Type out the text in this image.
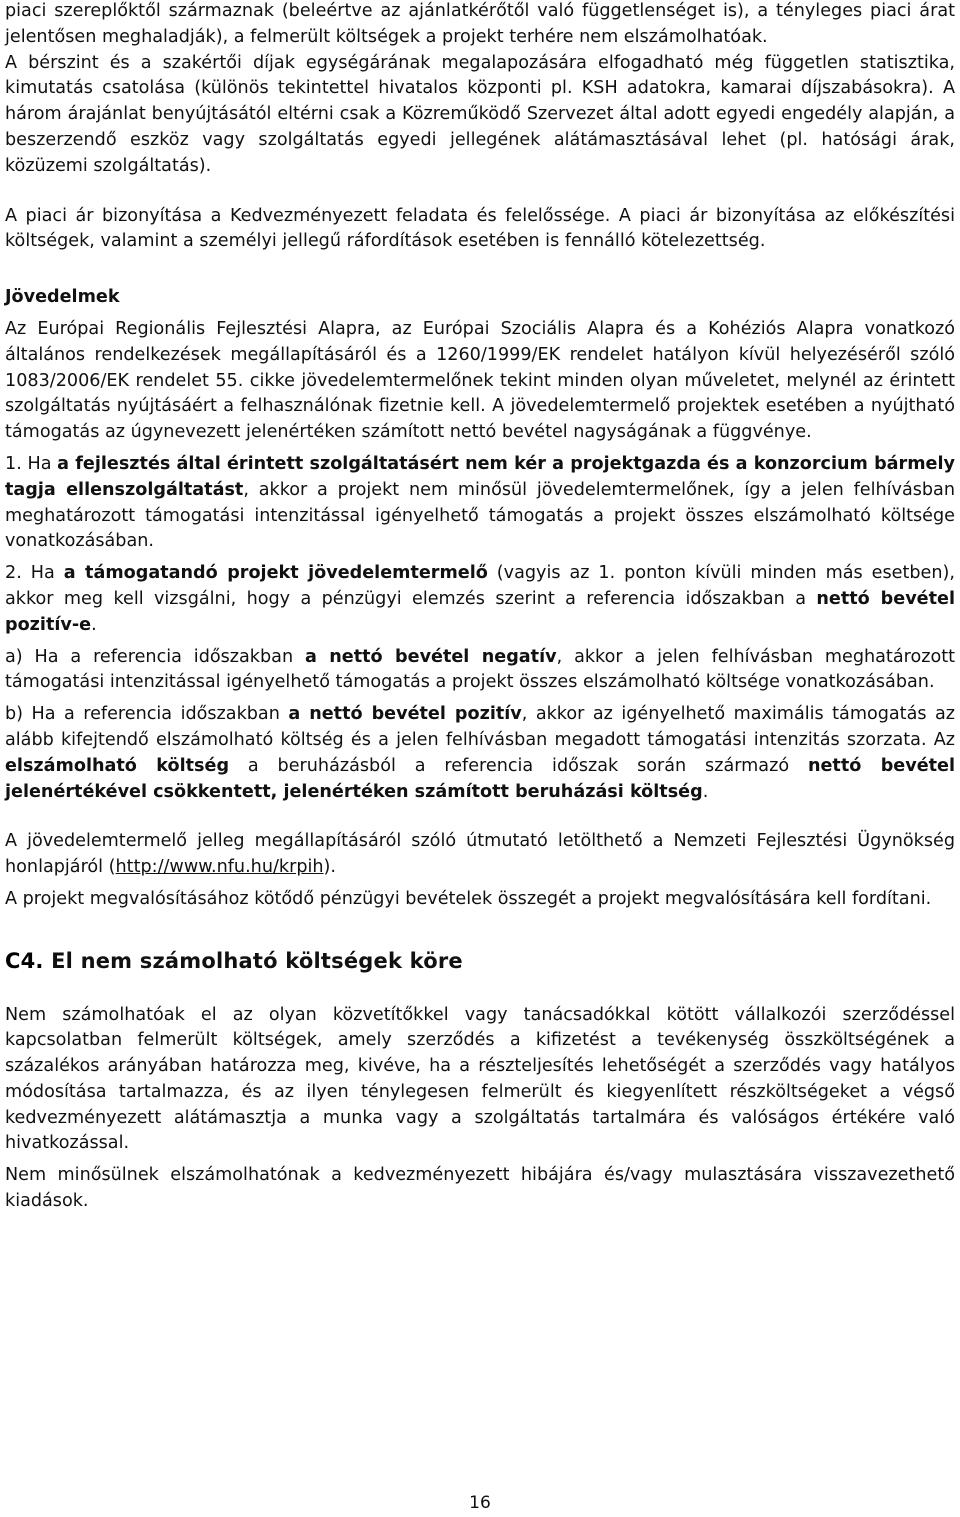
piaci szereplőktől származnak (beleértve az ajánlatkérőtől való függetlenséget is), a tényleges piaci árat jelentősen meghaladják), a felmerült költségek a projekt terhére nem elszámolhatóak.

A bérszint és a szakértői díjak egységárának megalapozására elfogadható még független statisztika, kimutatás csatolása (különös tekintettel hivatalos központi pl. KSH adatokra, kamarai díjszabásokra). A három árajánlat benyújtásától eltérni csak a Közreműködő Szervezet által adott egyedi engedély alapján, a beszerzendő eszköz vagy szolgáltatás egyedi jellegének alátámasztásával lehet (pl. hatósági árak, közüzemi szolgáltatás).

A piaci ár bizonyítása a Kedvezményezett feladata és felelőssége. A piaci ár bizonyítása az előkészítési költségek, valamint a személyi jellegű ráfordítások esetében is fennálló kötelezettség.

Jövedelmek

Az Európai Regionális Fejlesztési Alapra, az Európai Szociális Alapra és a Kohéziós Alapra vonatkozó általános rendelkezések megállapításáról és a 1260/1999/EK rendelet hatályon kívül helyezéséről szóló 1083/2006/EK rendelet 55. cikke jövedelemtermelőnek tekint minden olyan műveletet, melynél az érintett szolgáltatás nyújtásáért a felhasználónak fizetnie kell. A jövedelemtermelő projektek esetében a nyújtható támogatás az úgynevezett jelenértéken számított nettó bevétel nagyságának a függvénye.

1. Ha a fejlesztés által érintett szolgáltatásért nem kér a projektgazda és a konzorcium bármely tagja ellenszolgáltatást, akkor a projekt nem minősül jövedelemtermelőnek, így a jelen felhívásban meghatározott támogatási intenzitással igényelhető támogatás a projekt összes elszámolható költsége vonatkozásában.

2. Ha a támogatandó projekt jövedelemtermelő (vagyis az 1. ponton kívüli minden más esetben), akkor meg kell vizsgálni, hogy a pénzügyi elemzés szerint a referencia időszakban a nettó bevétel pozitív-e.

a) Ha a referencia időszakban a nettó bevétel negatív, akkor a jelen felhívásban meghatározott támogatási intenzitással igényelhető támogatás a projekt összes elszámolható költsége vonatkozásában.

b) Ha a referencia időszakban a nettó bevétel pozitív, akkor az igényelhető maximális támogatás az alább kifejtendő elszámolható költség és a jelen felhívásban megadott támogatási intenzitás szorzata. Az elszámolható költség a beruházásból a referencia időszak során származó nettó bevétel jelenértékével csökkentett, jelenértéken számított beruházási költség.

A jövedelemtermelő jelleg megállapításáról szóló útmutató letölthető a Nemzeti Fejlesztési Ügynökség honlapjáról (http://www.nfu.hu/krpih).

A projekt megvalósításához kötődő pénzügyi bevételek összegét a projekt megvalósítására kell fordítani.

C4. El nem számolható költségek köre

Nem számolhatóak el az olyan közvetítőkkel vagy tanácsadókkal kötött vállalkozói szerződéssel kapcsolatban felmerült költségek, amely szerződés a kifizetést a tevékenység összköltségének a százalékos arányában határozza meg, kivéve, ha a részteljesítés lehetőségét a szerződés vagy hatályos módosítása tartalmazza, és az ilyen ténylegesen felmerült és kiegyenlített részköltségeket a végső kedvezményezett alátámasztja a munka vagy a szolgáltatás tartalmára és valóságos értékére való hivatkozással.

Nem minősülnek elszámolhatónak a kedvezményezett hibájára és/vagy mulasztására visszavezethető kiadások.

16
